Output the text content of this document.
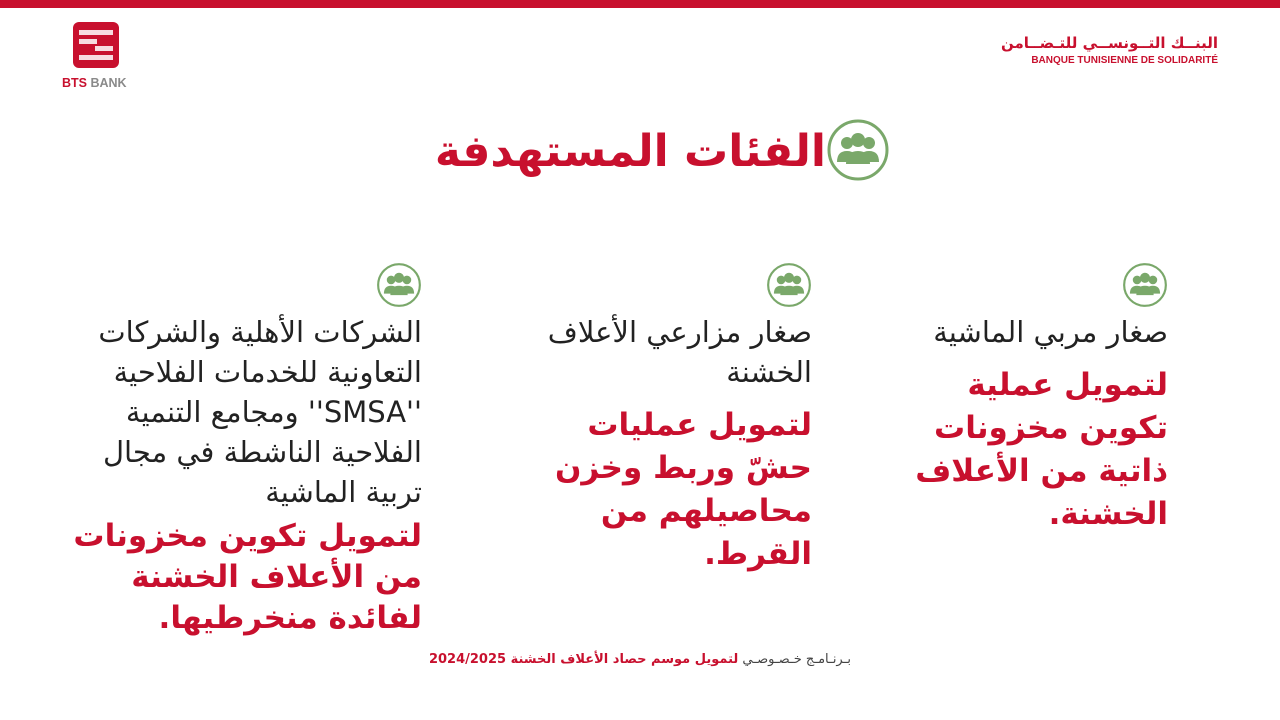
BTS BANK
البنــك التــونســي للتـضــامن
BANQUE TUNISIENNE DE SOLIDARITÉ
الفئات المستهدفة
صغار مربي الماشية
لتمويل عملية تكوين مخزونات ذاتية من الأعلاف الخشنة.
صغار مزارعي الأعلاف الخشنة
لتمويل عمليات حشّ وربط وخزن محاصيلهم من القرط.
الشركات الأهلية والشركات التعاونية للخدمات الفلاحية ''SMSA'' ومجامع التنمية الفلاحية الناشطة في مجال تربية الماشية
لتمويل تكوين مخزونات من الأعلاف الخشنة لفائدة منخرطيها.
بـرنـامـج خـصـوصـي لتمويل موسم حصاد الأعلاف الخشنة 2024/2025
